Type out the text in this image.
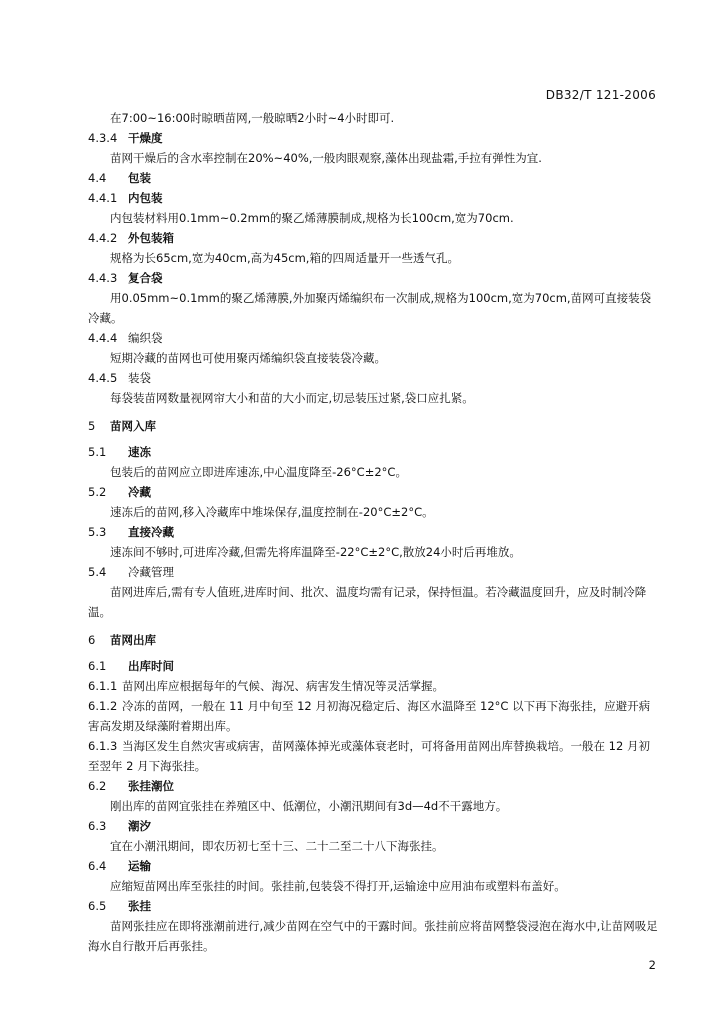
DB32/T 121-2006

在7:00~16:00时晾晒苗网,一般晾晒2小时~4小时即可.

4.3.4 干燥度

苗网干燥后的含水率控制在20%~40%,一般肉眼观察,藻体出现盐霜,手拉有弹性为宜.

4.4 包装
4.4.1 内包装

内包装材料用0.1mm~0.2mm的聚乙烯薄膜制成,规格为长100cm,宽为70cm.

4.4.2 外包装箱

规格为长65cm,宽为40cm,高为45cm,箱的四周适量开一些透气孔。

4.4.3 复合袋

用0.05mm~0.1mm的聚乙烯薄膜,外加聚丙烯编织布一次制成,规格为100cm,宽为70cm,苗网可直接装袋冷藏。

4.4.4 编织袋

短期冷藏的苗网也可使用聚丙烯编织袋直接装袋冷藏。

4.4.5 装袋

每袋装苗网数量视网帘大小和苗的大小而定,切忌装压过紧,袋口应扎紧。

5 苗网入库
5.1 速冻

包装后的苗网应立即进库速冻,中心温度降至-26°C±2°C。

5.2 冷藏

速冻后的苗网,移入冷藏库中堆垛保存,温度控制在-20°C±2°C。

5.3 直接冷藏

速冻间不够时,可进库冷藏,但需先将库温降至-22°C±2°C,散放24小时后再堆放。

5.4 冷藏管理

苗网进库后,需有专人值班,进库时间、批次、温度均需有记录，保持恒温。若冷藏温度回升，应及时制冷降温。

6 苗网出库
6.1 出库时间

6.1.1 苗网出库应根据每年的气候、海况、病害发生情况等灵活掌握。

6.1.2 冷冻的苗网，一般在 11 月中旬至 12 月初海况稳定后、海区水温降至 12°C 以下再下海张挂，应避开病害高发期及绿藻附着期出库。

6.1.3 当海区发生自然灾害或病害，苗网藻体掉光或藻体衰老时，可将备用苗网出库替换栽培。一般在 12 月初至翌年 2 月下海张挂。

6.2 张挂潮位

刚出库的苗网宜张挂在养殖区中、低潮位，小潮汛期间有3d—4d不干露地方。

6.3 潮汐

宜在小潮汛期间，即农历初七至十三、二十二至二十八下海张挂。

6.4 运输

应缩短苗网出库至张挂的时间。张挂前,包装袋不得打开,运输途中应用油布或塑料布盖好。

6.5 张挂

苗网张挂应在即将涨潮前进行,减少苗网在空气中的干露时间。张挂前应将苗网整袋浸泡在海水中,让苗网吸足海水自行散开后再张挂。

2
